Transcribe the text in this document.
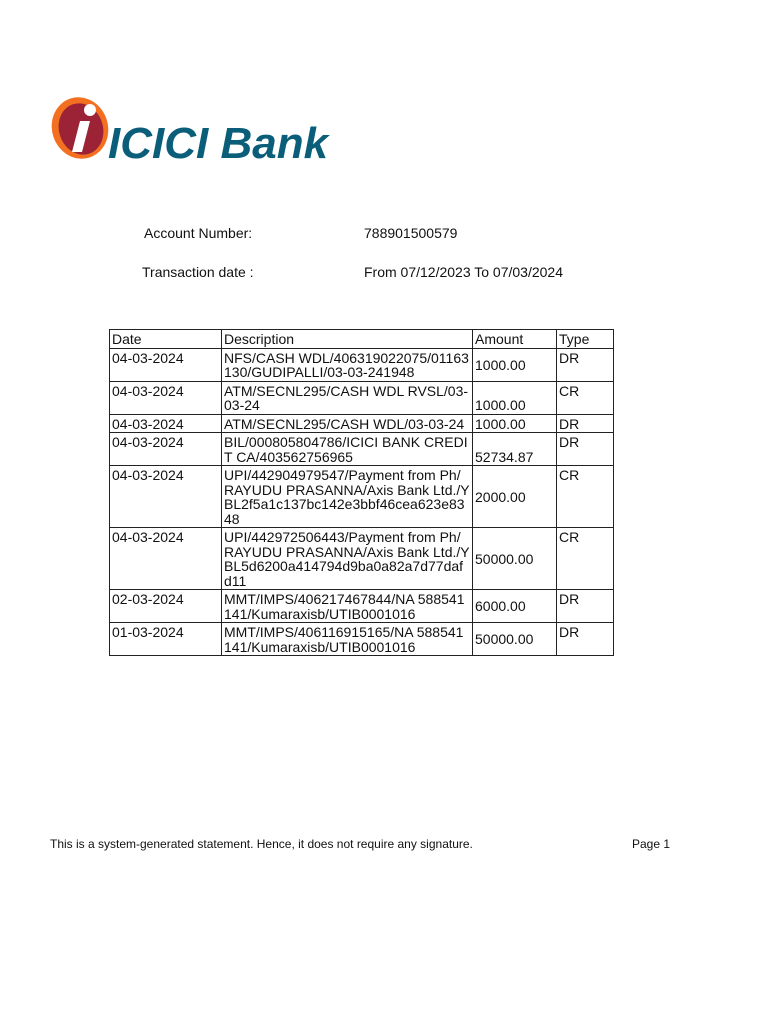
ICICI Bank
Account Number:	788901500579
Transaction date :	From 07/12/2023 To 07/03/2024
Date	Description	Amount	Type
04-03-2024	NFS/CASH WDL/406319022075/01163130/GUDIPALLI/03-03-241948	1000.00	DR
04-03-2024	ATM/SECNL295/CASH WDL RVSL/03-03-24	1000.00	CR
04-03-2024	ATM/SECNL295/CASH WDL/03-03-24	1000.00	DR
04-03-2024	BIL/000805804786/ICICI BANK CREDIT CA/403562756965	52734.87	DR
04-03-2024	UPI/442904979547/Payment from Ph/RAYUDU PRASANNA/Axis Bank Ltd./YBL2f5a1c137bc142e3bbf46cea623e8348	2000.00	CR
04-03-2024	UPI/442972506443/Payment from Ph/RAYUDU PRASANNA/Axis Bank Ltd./YBL5d6200a414794d9ba0a82a7d77dafd11	50000.00	CR
02-03-2024	MMT/IMPS/406217467844/NA 588541141/Kumaraxisb/UTIB0001016	6000.00	DR
01-03-2024	MMT/IMPS/406116915165/NA 588541141/Kumaraxisb/UTIB0001016	50000.00	DR
This is a system-generated statement. Hence, it does not require any signature.	Page 1
